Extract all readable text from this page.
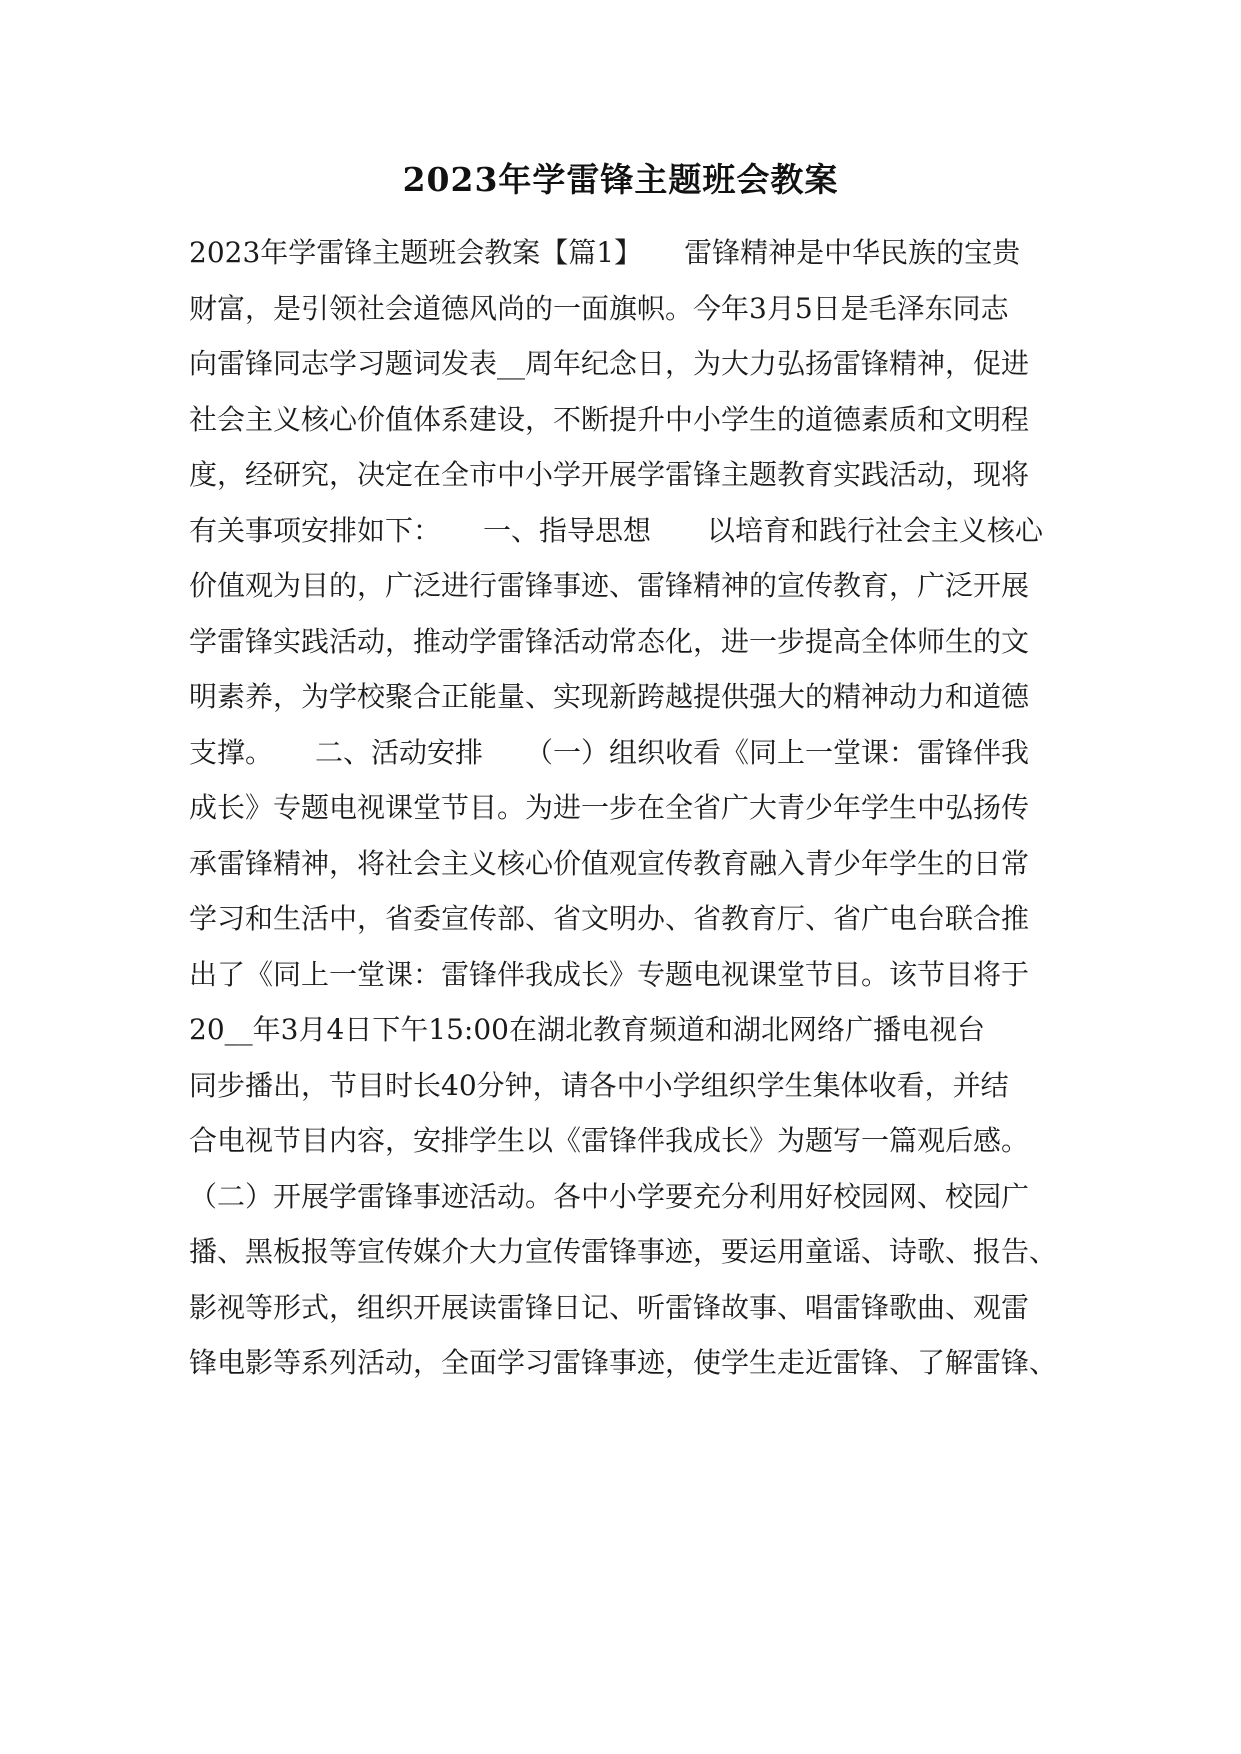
2023年学雷锋主题班会教案
2023年学雷锋主题班会教案【篇1】　　雷锋精神是中华民族的宝贵
财富，是引领社会道德风尚的一面旗帜。今年3月5日是毛泽东同志
向雷锋同志学习题词发表__周年纪念日，为大力弘扬雷锋精神，促进
社会主义核心价值体系建设，不断提升中小学生的道德素质和文明程
度，经研究，决定在全市中小学开展学雷锋主题教育实践活动，现将
有关事项安排如下：　　一、指导思想　　以培育和践行社会主义核心
价值观为目的，广泛进行雷锋事迹、雷锋精神的宣传教育，广泛开展
学雷锋实践活动，推动学雷锋活动常态化，进一步提高全体师生的文
明素养，为学校聚合正能量、实现新跨越提供强大的精神动力和道德
支撑。　　二、活动安排　　（一）组织收看《同上一堂课：雷锋伴我
成长》专题电视课堂节目。为进一步在全省广大青少年学生中弘扬传
承雷锋精神，将社会主义核心价值观宣传教育融入青少年学生的日常
学习和生活中，省委宣传部、省文明办、省教育厅、省广电台联合推
出了《同上一堂课：雷锋伴我成长》专题电视课堂节目。该节目将于
20__年3月4日下午15:00在湖北教育频道和湖北网络广播电视台
同步播出，节目时长40分钟，请各中小学组织学生集体收看，并结
合电视节目内容，安排学生以《雷锋伴我成长》为题写一篇观后感。
（二）开展学雷锋事迹活动。各中小学要充分利用好校园网、校园广
播、黑板报等宣传媒介大力宣传雷锋事迹，要运用童谣、诗歌、报告、
影视等形式，组织开展读雷锋日记、听雷锋故事、唱雷锋歌曲、观雷
锋电影等系列活动，全面学习雷锋事迹，使学生走近雷锋、了解雷锋、
